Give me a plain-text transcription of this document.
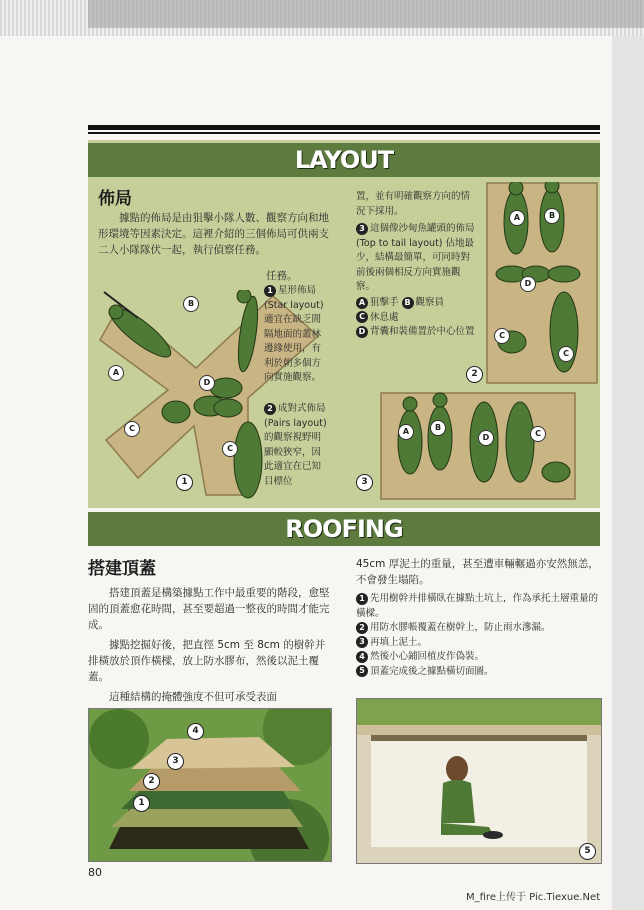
LAYOUT

佈局

據點的佈局是由狙擊小隊人數、觀察方向和地形環境等因素決定。這裡介紹的三個佈局可供兩支二人小隊隊伏一起，執行偵察任務。

B
A
C
D
C
1

任務。

1 星形佈局 (Star layout) 適宜在缺乏間隔地面的叢林邊緣使用，有利於朝多個方向實施觀察。
2 成對式佈局 (Pairs layout) 的觀察視野明顯較狹窄，因此適宜在已知目標位

置，並有明確觀察方向的情況下採用。

3 這個像沙甸魚罐頭的佈局 (Top to tail layout) 佔地最少，結構最簡單，可同時對前後兩個相反方向實施觀察。
A 狙擊手 B 觀察員
C 休息處
D 背囊和裝備置於中心位置
A	B
D
C
C
2
A	B
D	C
3
ROOFING

搭建頂蓋

搭建頂蓋是構築據點工作中最重要的階段，愈堅固的頂蓋愈花時間，甚至要超過一整夜的時間才能完成。

據點挖掘好後，把直徑 5cm 至 8cm 的樹幹并排橫放於頂作橫樑，放上防水膠布，然後以泥土覆蓋。

這種結構的掩體強度不但可承受表面

45cm 厚泥土的重量，甚至遭車輛輾過亦安然無恙，不會發生塌陷。

1 先用樹幹并排橫臥在據點土坑上，作為承托土層重量的橫樑。
2 用防水膠帳覆蓋在樹幹上，防止雨水滲漏。
3 再填上泥土。
4 然後小心鋪回植皮作偽裝。
5 頂蓋完成後之據點橫切面圖。
4
3
2
1
5

80

M_fire上传于 Pic.Tiexue.Net
